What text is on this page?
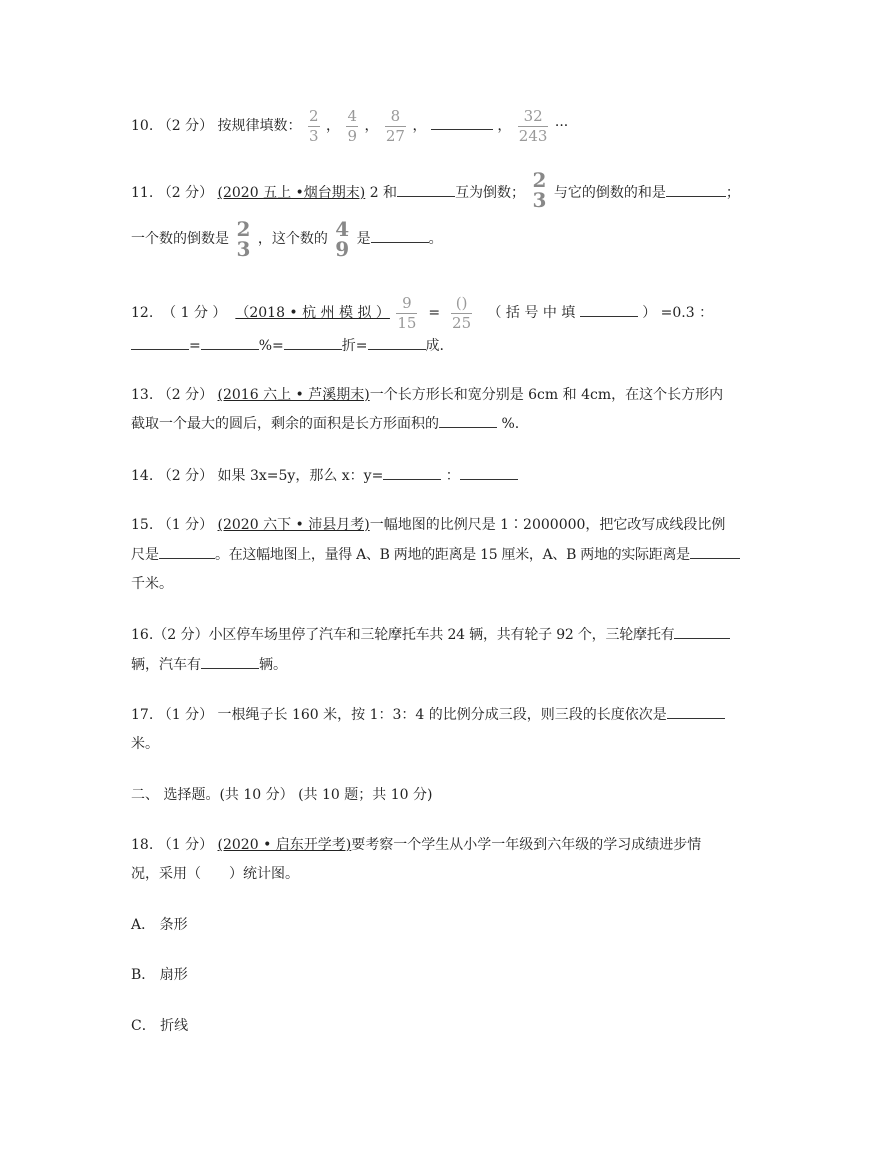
10. （2 分） 按规律填数： $\frac{2}{3}$ ， $\frac{4}{9}$ ， $\frac{8}{27}$ ，	， $\frac{32}{243}$ ···
11. （2 分） (2020 五上 •烟台期末) 2 和	互为倒数；
2
3 与它的倒数的和是	；
一个数的倒数是 2
3 ，这个数的 4
9 是	。
12. （ 1 分 ） （2018 • 杭 州 模 拟 ） $\frac{9}{15} = \frac{()}{25}$ （ 括 号 中 填	） =0.3 ：
=	%=	折=	成.
13. （2 分） (2016 六上 • 芦溪期末)一个长方形长和宽分别是 6cm 和 4cm，在这个长方形内
截取一个最大的圆后，剩余的面积是长方形面积的	%.
14. （2 分） 如果 3x=5y，那么 x：y=	：
15. （1 分） (2020 六下 • 沛县月考)一幅地图的比例尺是 1∶2000000，把它改写成线段比例
尺是	。在这幅地图上，量得 A、B 两地的距离是 15 厘米，A、B 两地的实际距离是
千米。
16.（2 分）小区停车场里停了汽车和三轮摩托车共 24 辆，共有轮子 92 个，三轮摩托有
辆，汽车有	辆。
17. （1 分） 一根绳子长 160 米，按 1：3：4 的比例分成三段，则三段的长度依次是
米。
二、 选择题。(共 10 分） (共 10 题；共 10 分)
18. （1 分） (2020 • 启东开学考)要考察一个学生从小学一年级到六年级的学习成绩进步情
况，采用（　　）统计图。
A． 条形
B． 扇形
C． 折线
